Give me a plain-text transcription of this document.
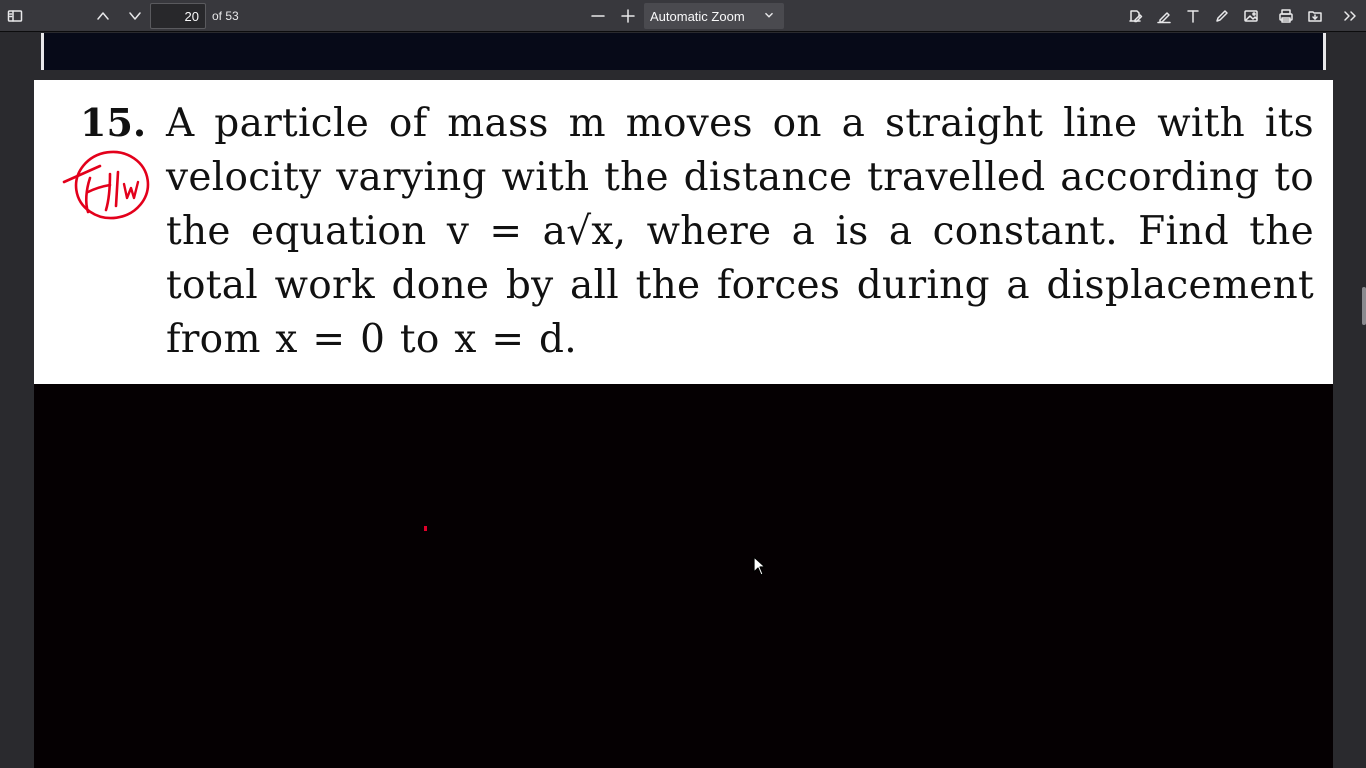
20
of 53	Automatic Zoom
15. A particle of mass m moves on a straight line with its velocity varying with the distance travelled according to the equation v = a√x, where a is a constant. Find the total work done by all the forces during a displacement from x = 0 to x = d.
